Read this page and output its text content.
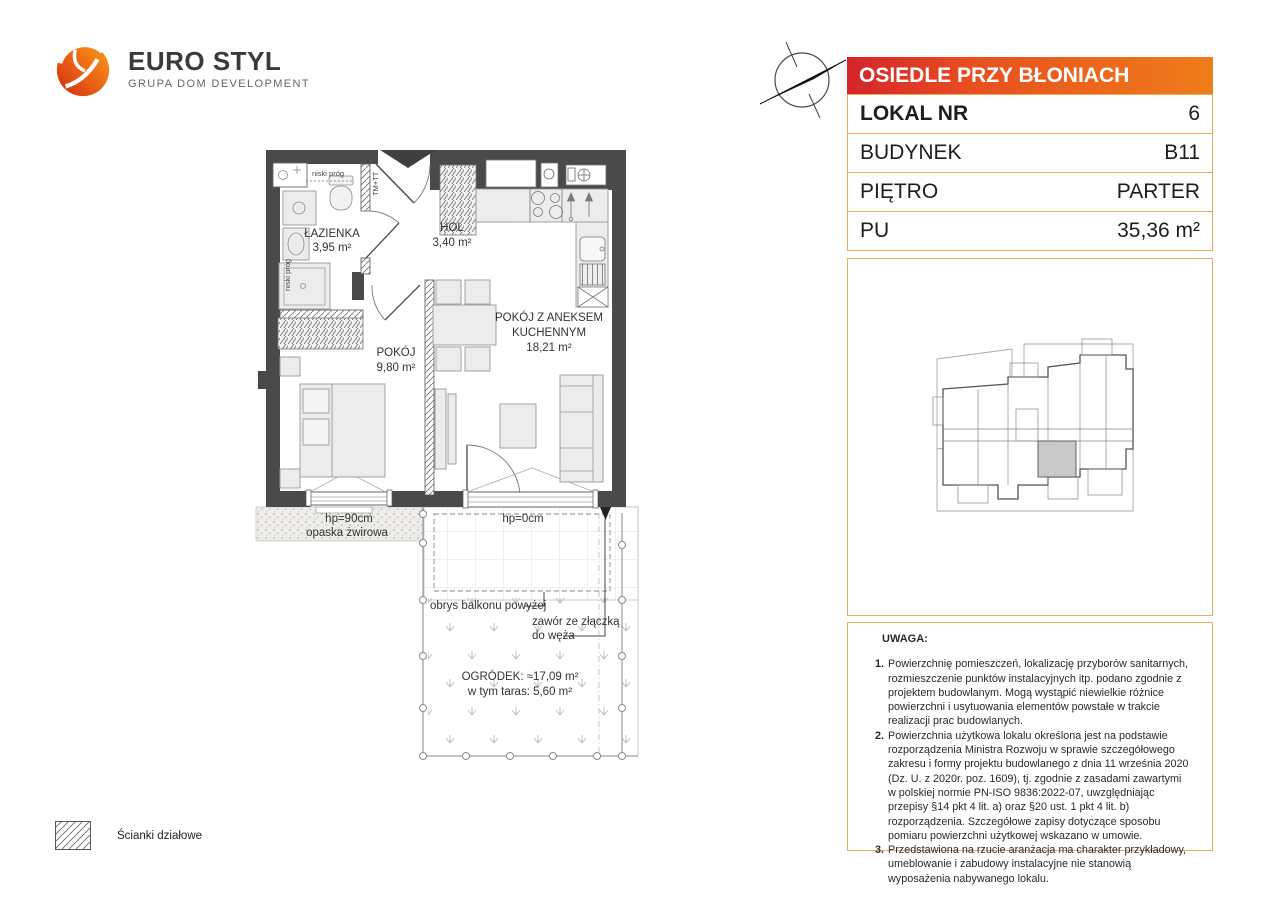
EURO STYL
GRUPA DOM DEVELOPMENT
ŁAZIENKA
3,95 m²
HOL
3,40 m²
POKÓJ
9,80 m²
POKÓJ Z ANEKSEM
KUCHENNYM
18,21 m²
hp=90cm
opaska żwirowa
hp=0cm
obrys balkonu powyżej
zawór ze złączką
do węża
OGRÓDEK: ≈17,09 m²
w tym taras: 5,60 m²
niski próg
niski próg
TM+TT
OSIEDLE PRZY BŁONIACH
LOKAL NR	6
BUDYNEK	B11
PIĘTRO	PARTER
PU	35,36 m²
UWAGA:
1. Powierzchnię pomieszczeń, lokalizację przyborów sanitarnych, rozmieszczenie punktów instalacyjnych itp. podano zgodnie z projektem budowlanym. Mogą wystąpić niewielkie różnice powierzchni i usytuowania elementów powstałe w trakcie realizacji prac budowlanych.
2. Powierzchnia użytkowa lokalu określona jest na podstawie rozporządzenia Ministra Rozwoju w sprawie szczegółowego zakresu i formy projektu budowlanego z dnia 11 września 2020 (Dz. U. z 2020r. poz. 1609), tj. zgodnie z zasadami zawartymi w polskiej normie PN-ISO 9836:2022-07, uwzględniając przepisy §14 pkt 4 lit. a) oraz §20 ust. 1 pkt 4 lit. b) rozporządzenia. Szczegółowe zapisy dotyczące sposobu pomiaru powierzchni użytkowej wskazano w umowie.
3. Przedstawiona na rzucie aranżacja ma charakter przykładowy, umeblowanie i zabudowy instalacyjne nie stanowią wyposażenia nabywanego lokalu.
Ścianki działowe
